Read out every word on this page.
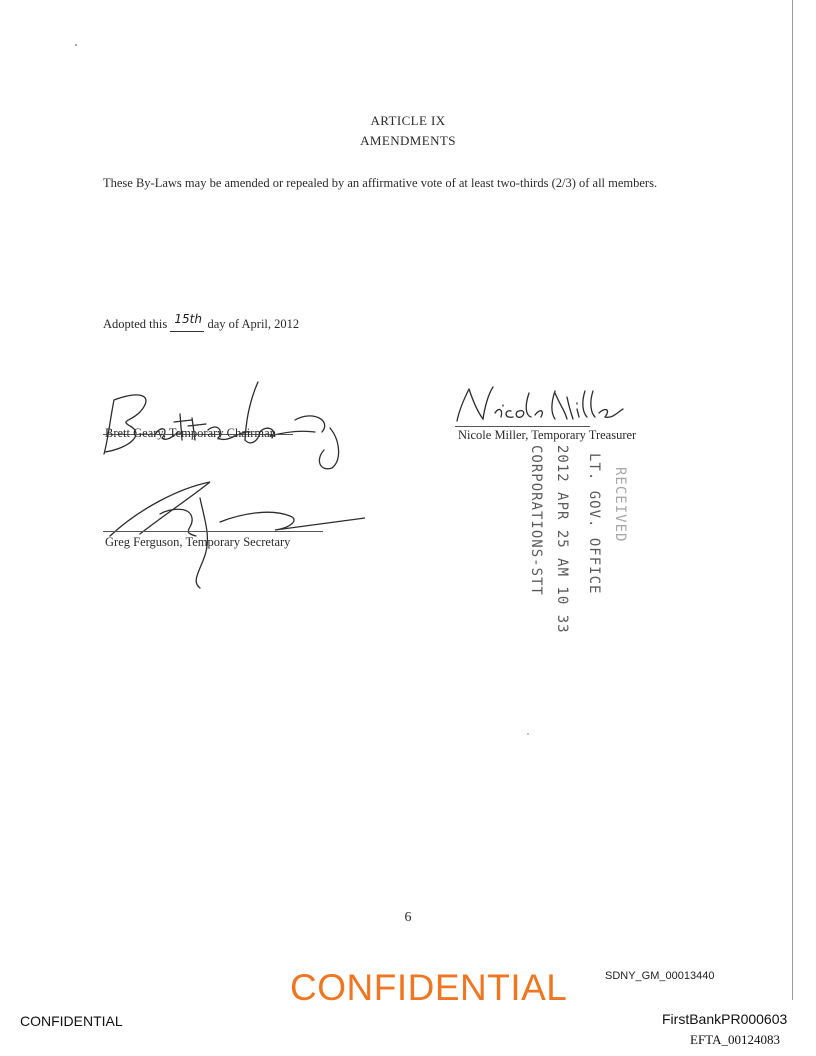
ARTICLE IX
AMENDMENTS
These By-Laws may be amended or repealed by an affirmative vote of at least two-thirds (2/3) of all members.
Adopted this 15th day of April, 2012
Brett Geary, Temporary Chairman
Greg Ferguson, Temporary Secretary
Nicole Miller, Temporary Treasurer
RECEIVED
LT. GOV. OFFICE
2012 APR 25 AM 10 33
CORPORATIONS-STT
6
CONFIDENTIAL	SDNY_GM_00013440
CONFIDENTIAL	FirstBankPR000603
EFTA_00124083
